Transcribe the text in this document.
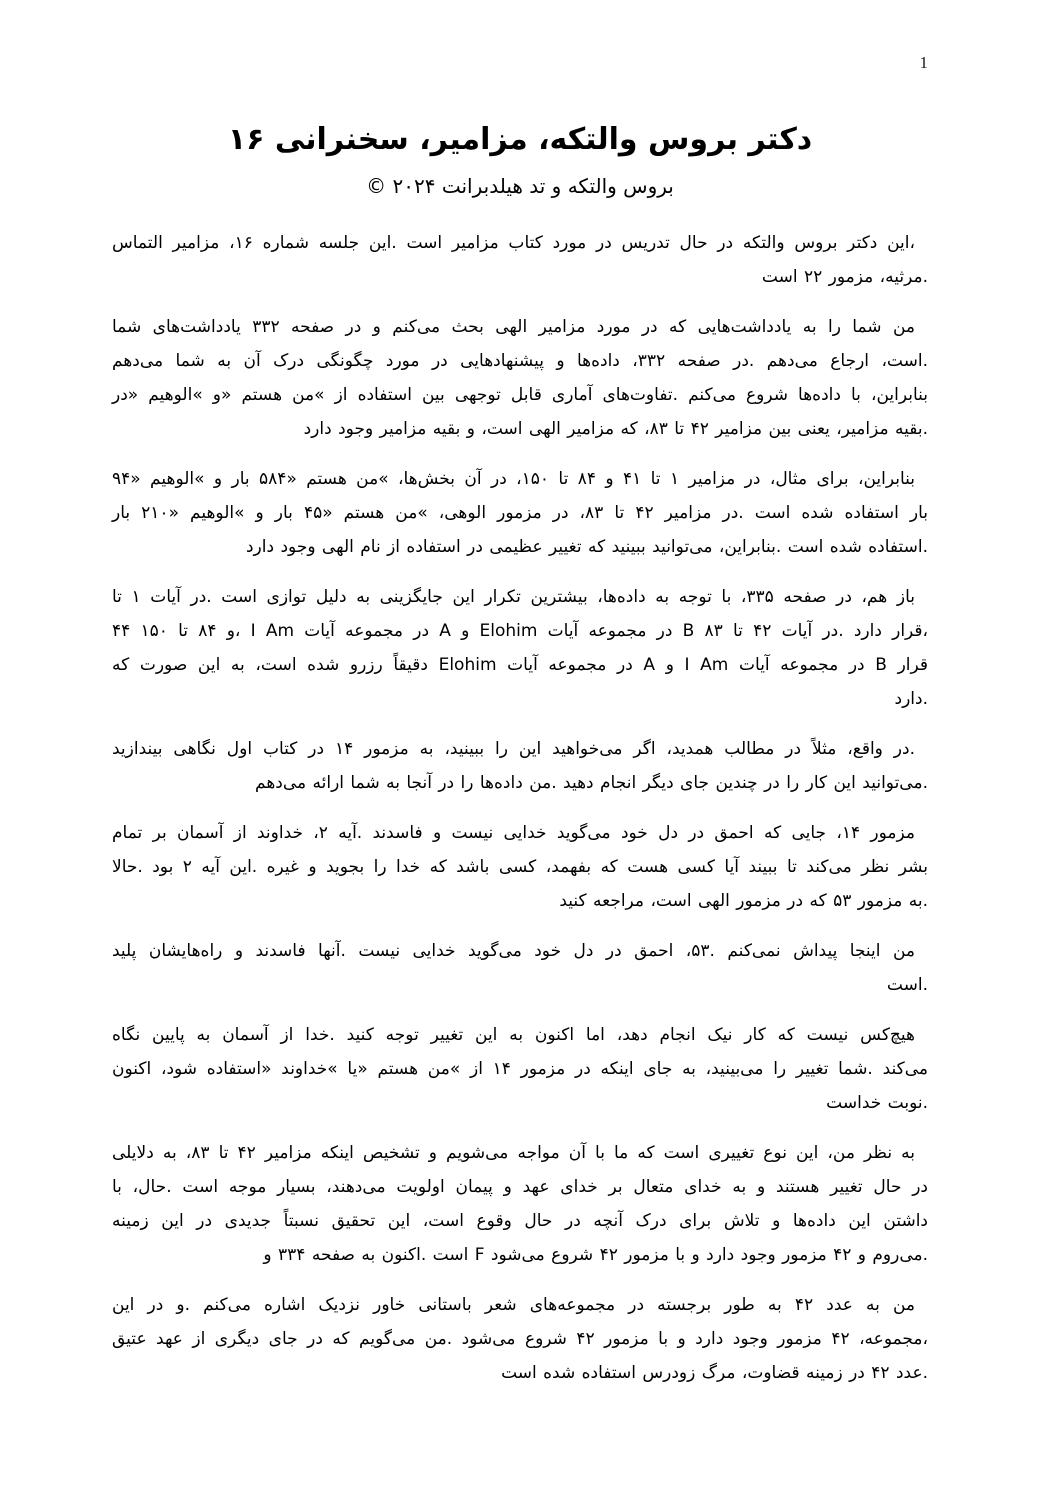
1
دکتر بروس والتکه، مزامیر، سخنرانی ۱۶
بروس والتکه و تد هیلدبرانت ۲۰۲۴ ©

،این دکتر بروس والتکه در حال تدریس در مورد کتاب مزامیر است .این جلسه شماره ۱۶، مزامیر التماس
.مرثیه، مزمور ۲۲ است

من شما را به یادداشت‌هایی که در مورد مزامیر الهی بحث می‌کنم و در صفحه ۳۳۲ یادداشت‌های شما
.است، ارجاع می‌دهم .در صفحه ۳۳۲، داده‌ها و پیشنهادهایی در مورد چگونگی درک آن به شما می‌دهم
بنابراین، با داده‌ها شروع می‌کنم .تفاوت‌های آماری قابل توجهی بین استفاده از »من هستم «و »الوهیم «در
.بقیه مزامیر، یعنی بین مزامیر ۴۲ تا ۸۳، که مزامیر الهی است، و بقیه مزامیر وجود دارد

بنابراین، برای مثال، در مزامیر ۱ تا ۴۱ و ۸۴ تا ۱۵۰، در آن بخش‌ها، »من هستم «۵۸۴ بار و »الوهیم «۹۴
بار استفاده شده است .در مزامیر ۴۲ تا ۸۳، در مزمور الوهی، »من هستم «۴۵ بار و »الوهیم «۲۱۰ بار
.استفاده شده است .بنابراین، می‌توانید ببینید که تغییر عظیمی در استفاده از نام الهی وجود دارد

باز هم، در صفحه ۳۳۵، با توجه به داده‌ها، بیشترین تکرار این جایگزینی به دلیل توازی است .در آیات ۱ تا
،قرار دارد .در آیات ۴۲ تا ۸۳ B در مجموعه آیات Elohim و A در مجموعه آیات I Am ،و ۸۴ تا ۱۵۰ ۴۴
قرار B در مجموعه آیات I Am و A در مجموعه آیات Elohim دقیقاً رزرو شده است، به این صورت که
.دارد

.در واقع، مثلاً در مطالب همدید، اگر می‌خواهید این را ببینید، به مزمور ۱۴ در کتاب اول نگاهی بیندازید
.می‌توانید این کار را در چندین جای دیگر انجام دهید .من داده‌ها را در آنجا به شما ارائه می‌دهم

مزمور ۱۴، جایی که احمق در دل خود می‌گوید خدایی نیست و فاسدند .آیه ۲، خداوند از آسمان بر تمام
بشر نظر می‌کند تا ببیند آیا کسی هست که بفهمد، کسی باشد که خدا را بجوید و غیره .این آیه ۲ بود .حالا
.به مزمور ۵۳ که در مزمور الهی است، مراجعه کنید

من اینجا پیداش نمی‌کنم .۵۳، احمق در دل خود می‌گوید خدایی نیست .آنها فاسدند و راه‌هایشان پلید
.است

هیچ‌کس نیست که کار نیک انجام دهد، اما اکنون به این تغییر توجه کنید .خدا از آسمان به پایین نگاه
می‌کند .شما تغییر را می‌بینید، به جای اینکه در مزمور ۱۴ از »من هستم «یا »خداوند «استفاده شود، اکنون
.نوبت خداست

به نظر من، این نوع تغییری است که ما با آن مواجه می‌شویم و تشخیص اینکه مزامیر ۴۲ تا ۸۳، به دلایلی
در حال تغییر هستند و به خدای متعال بر خدای عهد و پیمان اولویت می‌دهند، بسیار موجه است .حال، با
داشتن این داده‌ها و تلاش برای درک آنچه در حال وقوع است، این تحقیق نسبتاً جدیدی در این زمینه
.می‌روم و ۴۲ مزمور وجود دارد و با مزمور ۴۲ شروع می‌شود F است .اکنون به صفحه ۳۳۴ و

من به عدد ۴۲ به طور برجسته در مجموعه‌های شعر باستانی خاور نزدیک اشاره می‌کنم .و در این
،مجموعه، ۴۲ مزمور وجود دارد و با مزمور ۴۲ شروع می‌شود .من می‌گویم که در جای دیگری از عهد عتیق
.عدد ۴۲ در زمینه قضاوت، مرگ زودرس استفاده شده است
